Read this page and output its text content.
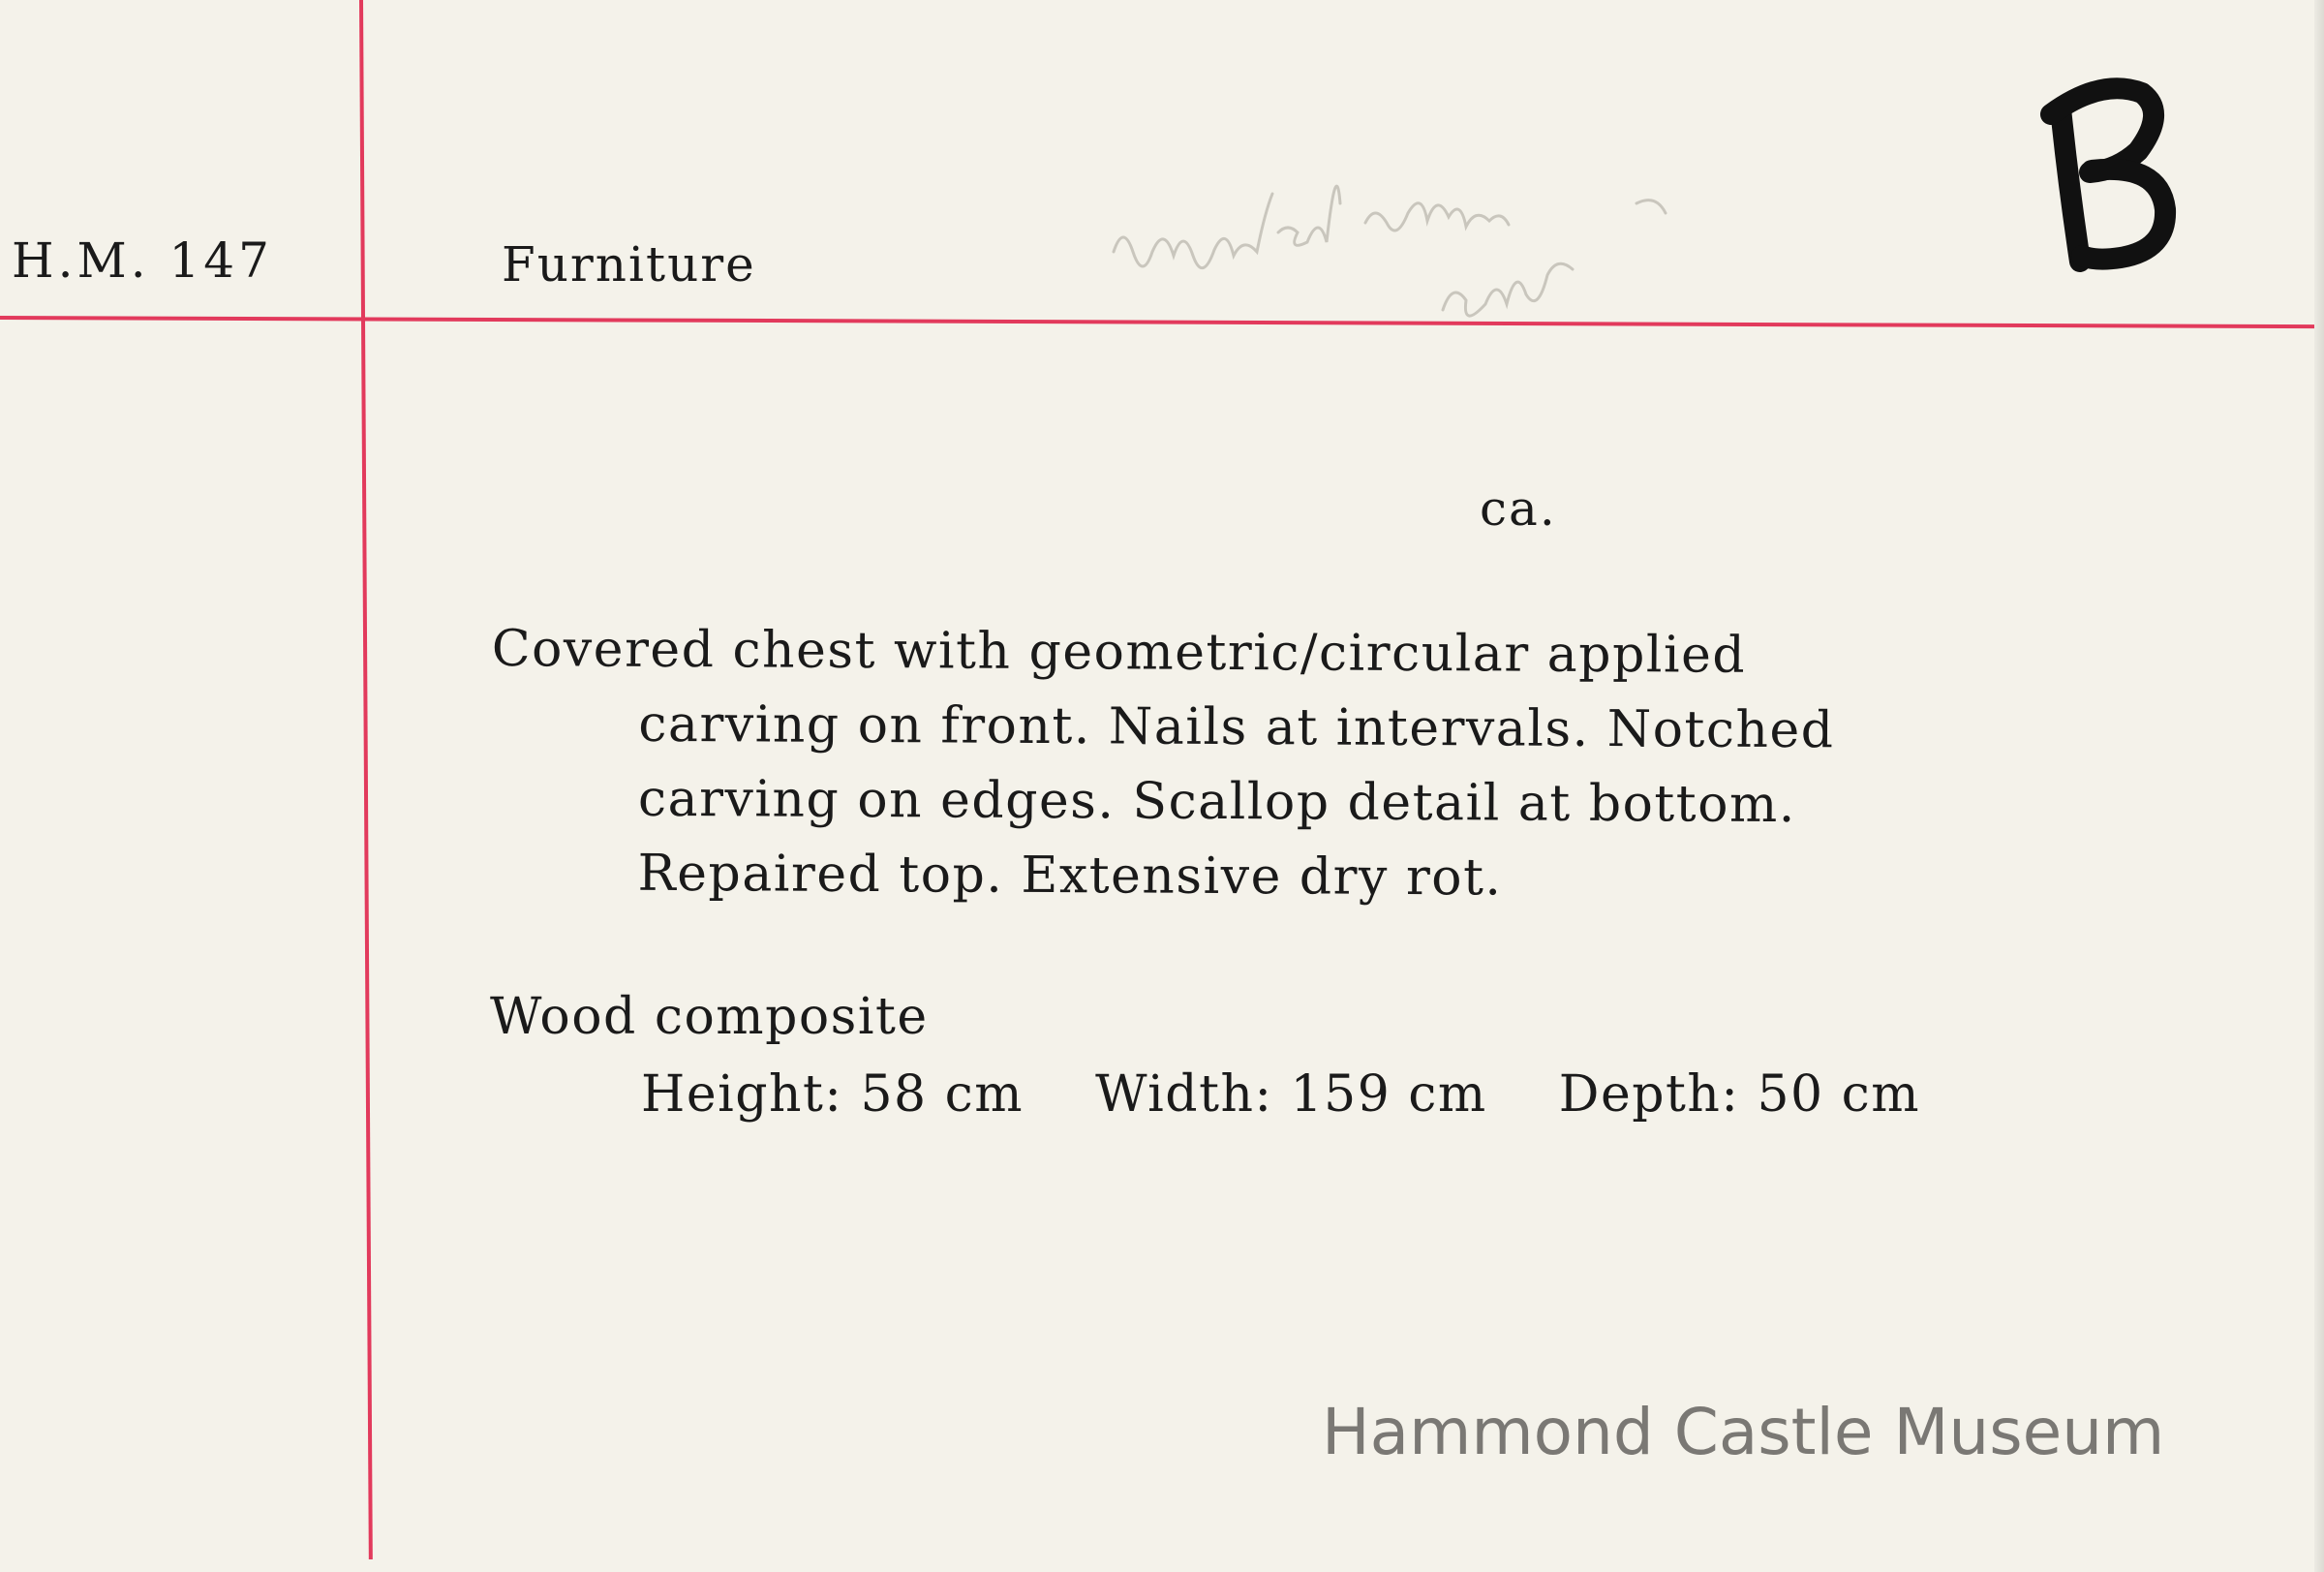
H.M. 147	Furniture
ca.
Covered chest with geometric/circular applied
carving on front. Nails at intervals. Notched
carving on edges. Scallop detail at bottom.
Repaired top. Extensive dry rot.
Wood composite
Height: 58 cm Width: 159 cm Depth: 50 cm
Hammond Castle Museum
